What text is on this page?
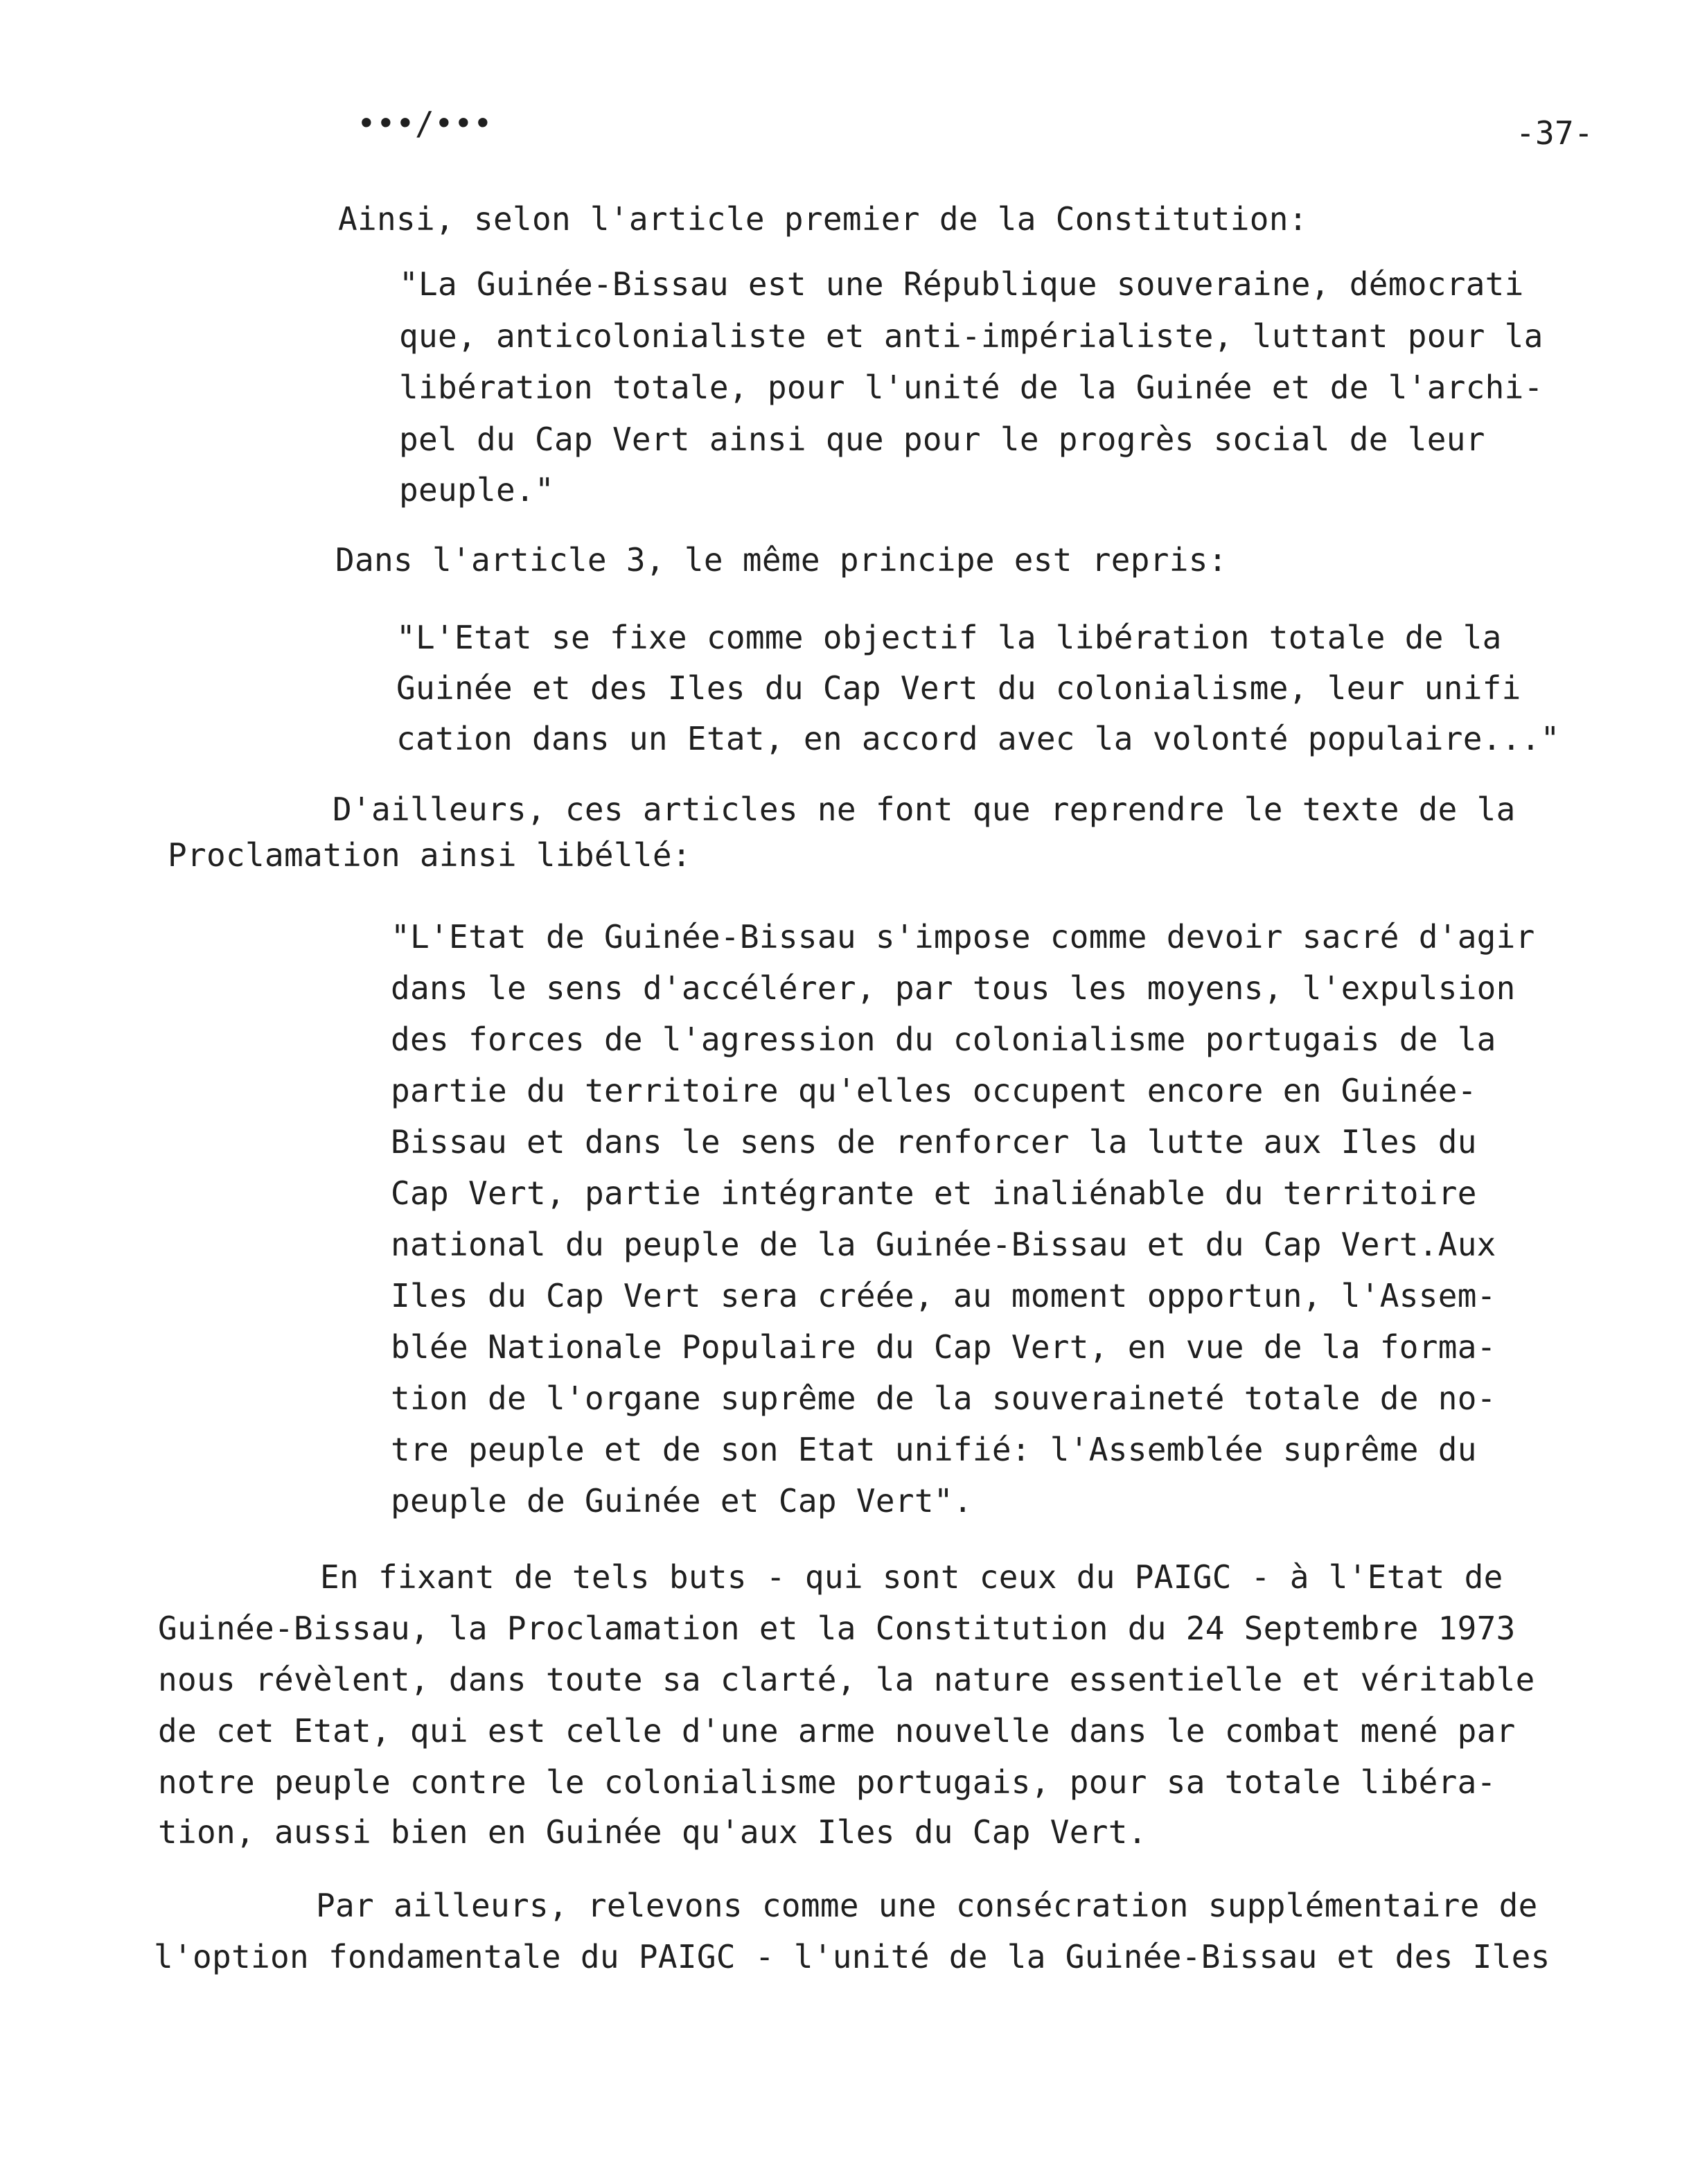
•••/•••	-37-
Ainsi, selon l'article premier de la Constitution:
"La Guinée-Bissau est une République souveraine, démocrati
que, anticolonialiste et anti-impérialiste, luttant pour la
libération totale, pour l'unité de la Guinée et de l'archi-
pel du Cap Vert ainsi que pour le progrès social de leur
peuple."
Dans l'article 3, le même principe est repris:
"L'Etat se fixe comme objectif la libération totale de la
Guinée et des Iles du Cap Vert du colonialisme, leur unifi
cation dans un Etat, en accord avec la volonté populaire..."
D'ailleurs, ces articles ne font que reprendre le texte de la
Proclamation ainsi libéllé:
"L'Etat de Guinée-Bissau s'impose comme devoir sacré d'agir
dans le sens d'accélérer, par tous les moyens, l'expulsion
des forces de l'agression du colonialisme portugais de la
partie du territoire qu'elles occupent encore en Guinée-
Bissau et dans le sens de renforcer la lutte aux Iles du
Cap Vert, partie intégrante et inaliénable du territoire
national du peuple de la Guinée-Bissau et du Cap Vert.Aux
Iles du Cap Vert sera créée, au moment opportun, l'Assem-
blée Nationale Populaire du Cap Vert, en vue de la forma-
tion de l'organe suprême de la souveraineté totale de no-
tre peuple et de son Etat unifié: l'Assemblée suprême du
peuple de Guinée et Cap Vert".
En fixant de tels buts - qui sont ceux du PAIGC - à l'Etat de
Guinée-Bissau, la Proclamation et la Constitution du 24 Septembre 1973
nous révèlent, dans toute sa clarté, la nature essentielle et véritable
de cet Etat, qui est celle d'une arme nouvelle dans le combat mené par
notre peuple contre le colonialisme portugais, pour sa totale libéra-
tion, aussi bien en Guinée qu'aux Iles du Cap Vert.
Par ailleurs, relevons comme une consécration supplémentaire de
l'option fondamentale du PAIGC - l'unité de la Guinée-Bissau et des Iles
